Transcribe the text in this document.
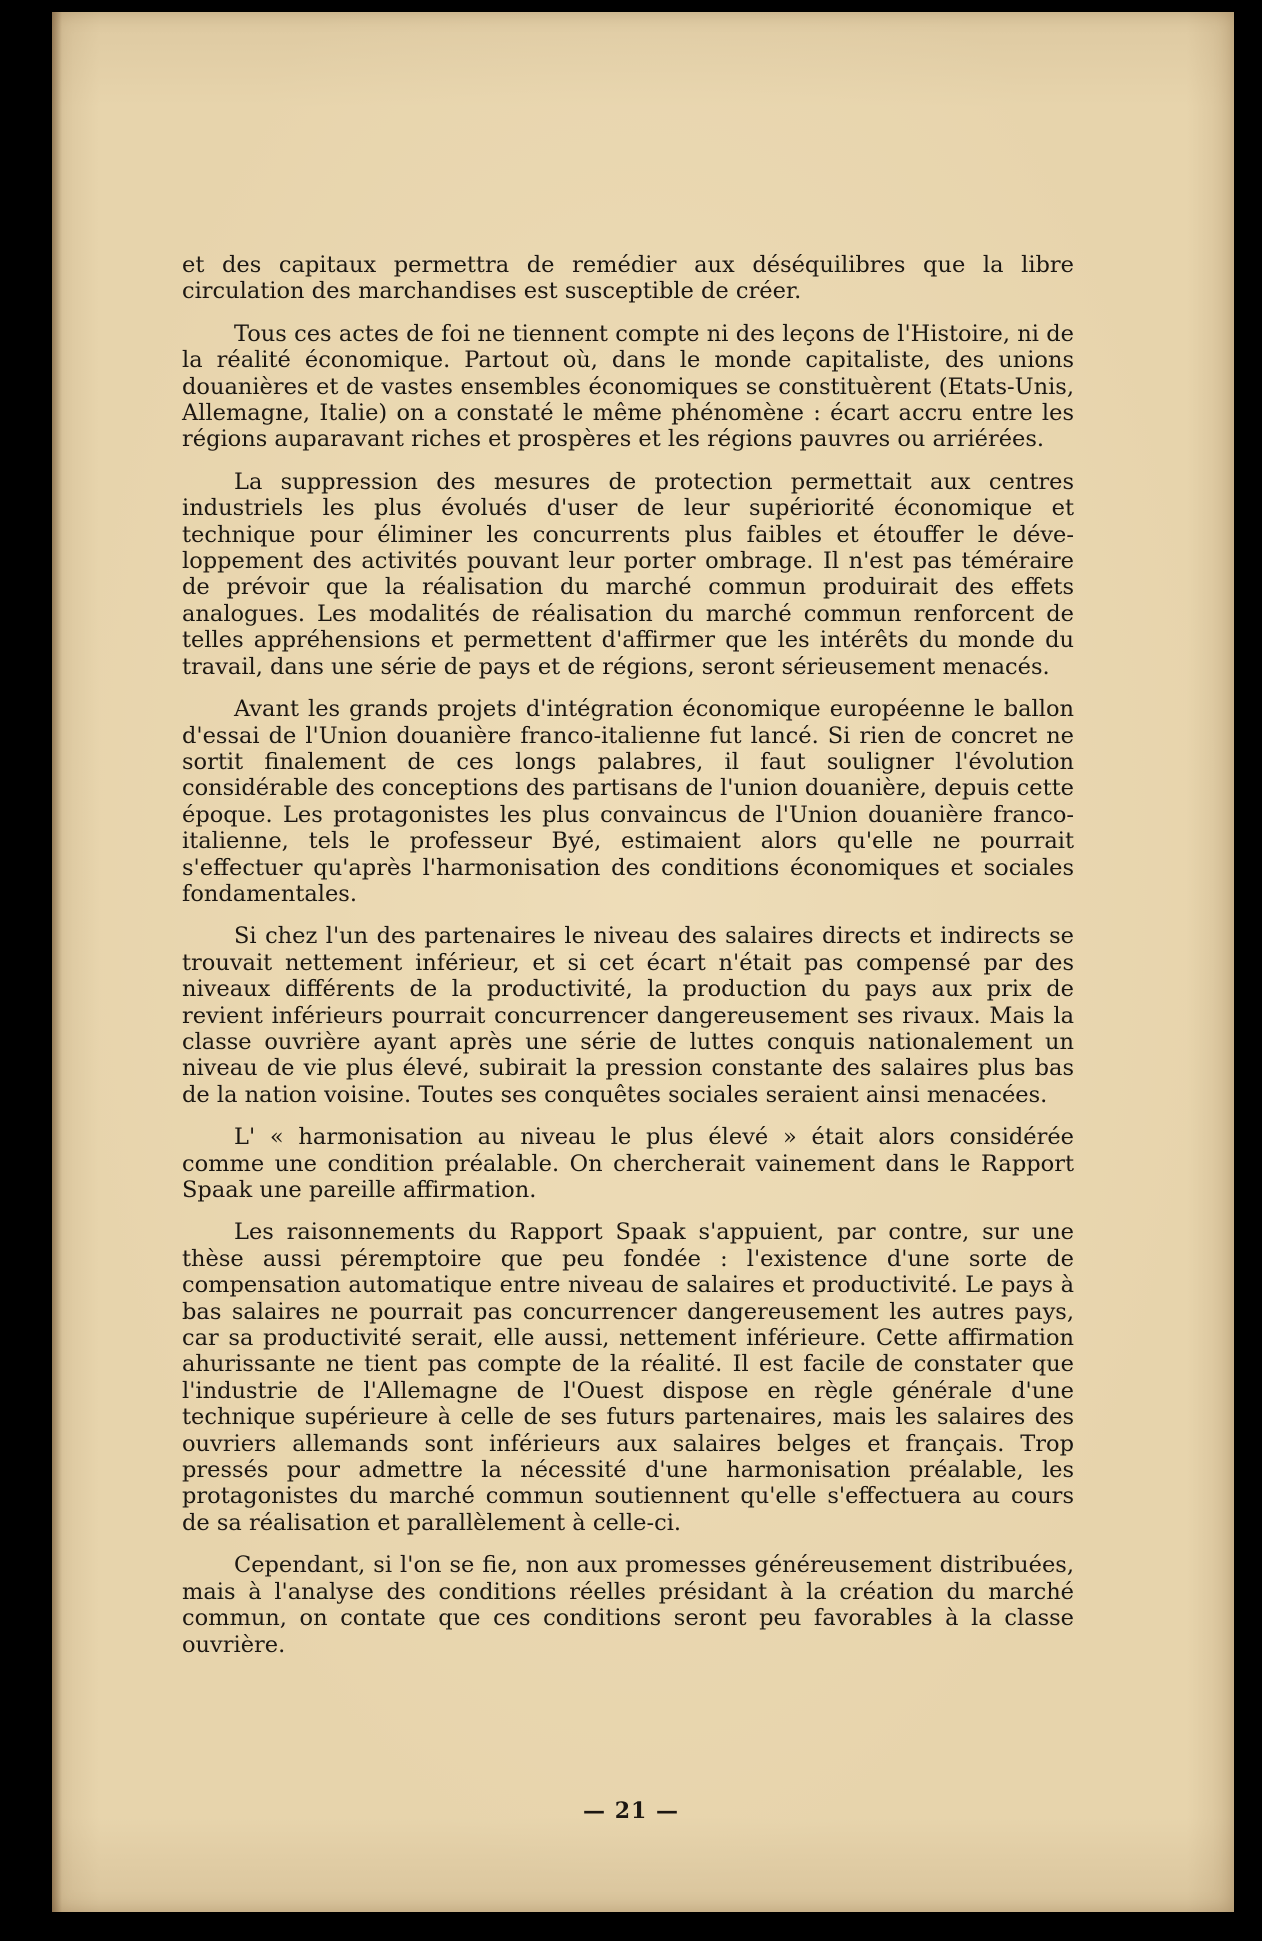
et des capitaux permettra de remédier aux déséquilibres que la libre circulation des marchandises est susceptible de créer.

Tous ces actes de foi ne tiennent compte ni des leçons de l'Histoire, ni de la réalité économique. Partout où, dans le monde capitaliste, des unions douanières et de vastes ensembles économiques se constituèrent (Etats-Unis, Allemagne, Italie) on a constaté le même phénomène : écart accru entre les régions auparavant riches et prospères et les régions pauvres ou arriérées.

La suppression des mesures de protection permettait aux centres industriels les plus évolués d'user de leur supériorité économique et technique pour éliminer les concurrents plus faibles et étouffer le développement des activités pouvant leur porter ombrage. Il n'est pas téméraire de prévoir que la réalisation du marché commun produirait des effets analogues. Les modalités de réalisation du marché commun renforcent de telles appréhensions et permettent d'affirmer que les intérêts du monde du travail, dans une série de pays et de régions, seront sérieusement menacés.

Avant les grands projets d'intégration économique européenne le ballon d'essai de l'Union douanière franco-italienne fut lancé. Si rien de concret ne sortit finalement de ces longs palabres, il faut souligner l'évolution considérable des conceptions des partisans de l'union douanière, depuis cette époque. Les protagonistes les plus convaincus de l'Union douanière franco-italienne, tels le professeur Byé, estimaient alors qu'elle ne pourrait s'effectuer qu'après l'harmonisation des conditions économiques et sociales fondamentales.

Si chez l'un des partenaires le niveau des salaires directs et indirects se trouvait nettement inférieur, et si cet écart n'était pas compensé par des niveaux différents de la productivité, la production du pays aux prix de revient inférieurs pourrait concurrencer dangereusement ses rivaux. Mais la classe ouvrière ayant après une série de luttes conquis nationalement un niveau de vie plus élevé, subirait la pression constante des salaires plus bas de la nation voisine. Toutes ses conquêtes sociales seraient ainsi menacées.

L' « harmonisation au niveau le plus élevé » était alors considérée comme une condition préalable. On chercherait vainement dans le Rapport Spaak une pareille affirmation.

Les raisonnements du Rapport Spaak s'appuient, par contre, sur une thèse aussi péremptoire que peu fondée : l'existence d'une sorte de compensation automatique entre niveau de salaires et productivité. Le pays à bas salaires ne pourrait pas concurrencer dangereusement les autres pays, car sa productivité serait, elle aussi, nettement inférieure. Cette affirmation ahurissante ne tient pas compte de la réalité. Il est facile de constater que l'industrie de l'Allemagne de l'Ouest dispose en règle générale d'une technique supérieure à celle de ses futurs partenaires, mais les salaires des ouvriers allemands sont inférieurs aux salaires belges et français. Trop pressés pour admettre la nécessité d'une harmonisation préalable, les protagonistes du marché commun soutiennent qu'elle s'effectuera au cours de sa réalisation et parallèlement à celle-ci.

Cependant, si l'on se fie, non aux promesses généreusement distribuées, mais à l'analyse des conditions réelles présidant à la création du marché commun, on contate que ces conditions seront peu favorables à la classe ouvrière.

— 21 —
